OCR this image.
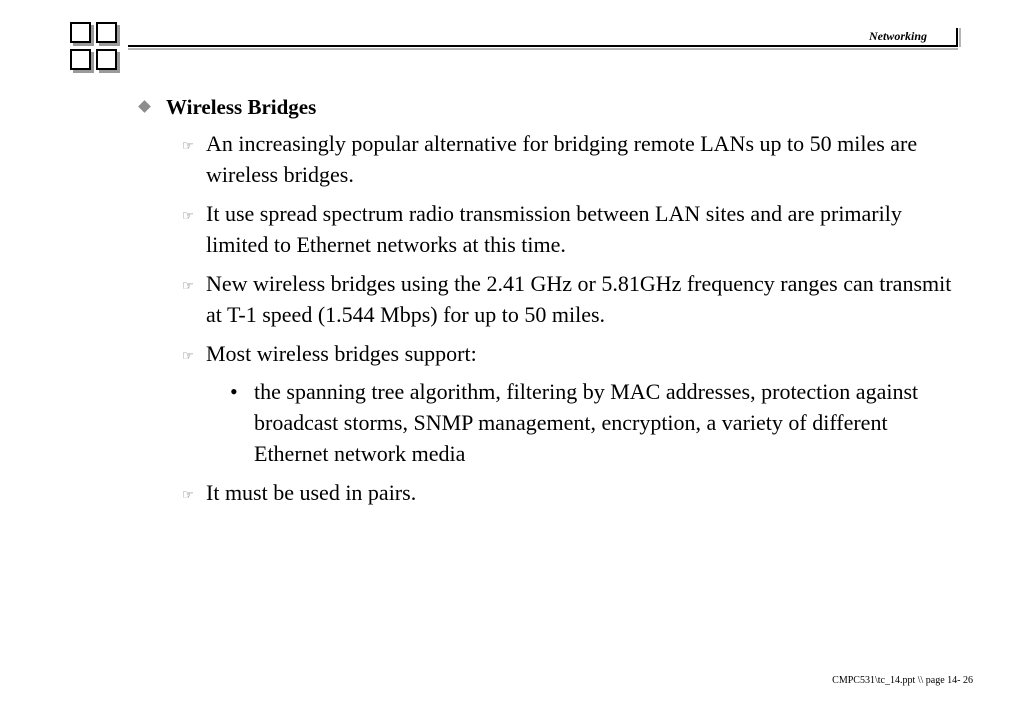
Networking
Wireless Bridges
☞ An increasingly popular alternative for bridging remote LANs up to 50 miles are wireless bridges.
☞ It use spread spectrum radio transmission between LAN sites and are primarily limited to Ethernet networks at this time.
☞ New wireless bridges using the 2.41 GHz or 5.81GHz frequency ranges can transmit at T-1 speed (1.544 Mbps) for up to 50 miles.
☞ Most wireless bridges support:
• the spanning tree algorithm, filtering by MAC addresses, protection against broadcast storms, SNMP management, encryption, a variety of different Ethernet network media
☞ It must be used in pairs.
CMPC531\tc_14.ppt \\ page 14- 26
